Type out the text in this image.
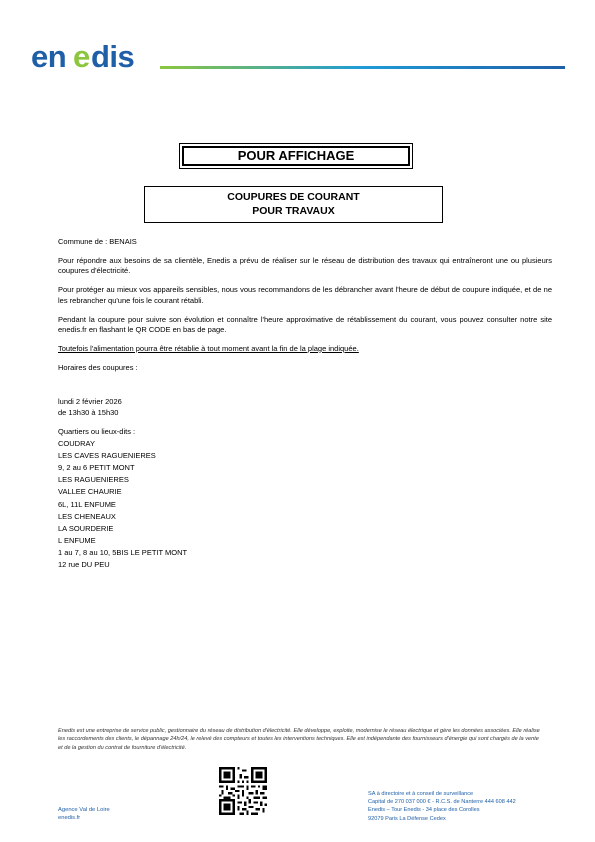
en e dis
POUR AFFICHAGE
COUPURES DE COURANT
POUR TRAVAUX

Commune de : BENAIS

Pour répondre aux besoins de sa clientèle, Enedis a prévu de réaliser sur le réseau de distribution des travaux qui entraîneront une ou plusieurs coupures d'électricité.

Pour protéger au mieux vos appareils sensibles, nous vous recommandons de les débrancher avant l'heure de début de coupure indiquée, et de ne les rebrancher qu'une fois le courant rétabli.

Pendant la coupure pour suivre son évolution et connaître l'heure approximative de rétablissement du courant, vous pouvez consulter notre site enedis.fr en flashant le QR CODE en bas de page.

Toutefois l'alimentation pourra être rétablie à tout moment avant la fin de la plage indiquée.

Horaires des coupures :

lundi 2 février 2026
de 13h30 à 15h30
Quartiers ou lieux-dits :
COUDRAY
LES CAVES RAGUENIERES
9, 2 au 6 PETIT MONT
LES RAGUENIERES
VALLEE CHAURIE
6L, 11L ENFUME
LES CHENEAUX
LA SOURDERIE
L ENFUME
1 au 7, 8 au 10, 5BIS LE PETIT MONT
12 rue DU PEU
Enedis est une entreprise de service public, gestionnaire du réseau de distribution d'électricité. Elle développe, exploite, modernise le réseau électrique et gère les données associées. Elle réalise les raccordements des clients, le dépannage 24h/24, le relevé des compteurs et toutes les interventions techniques. Elle est indépendante des fournisseurs d'énergie qui sont chargés de la vente et de la gestion du contrat de fourniture d'électricité.
Agence Val de Loire
enedis.fr
SA à directoire et à conseil de surveillance
Capital de 270 037 000 € - R.C.S. de Nanterre 444 608 442
Enedis – Tour Enedis - 34 place des Corolles
92079 Paris La Défense Cedex
